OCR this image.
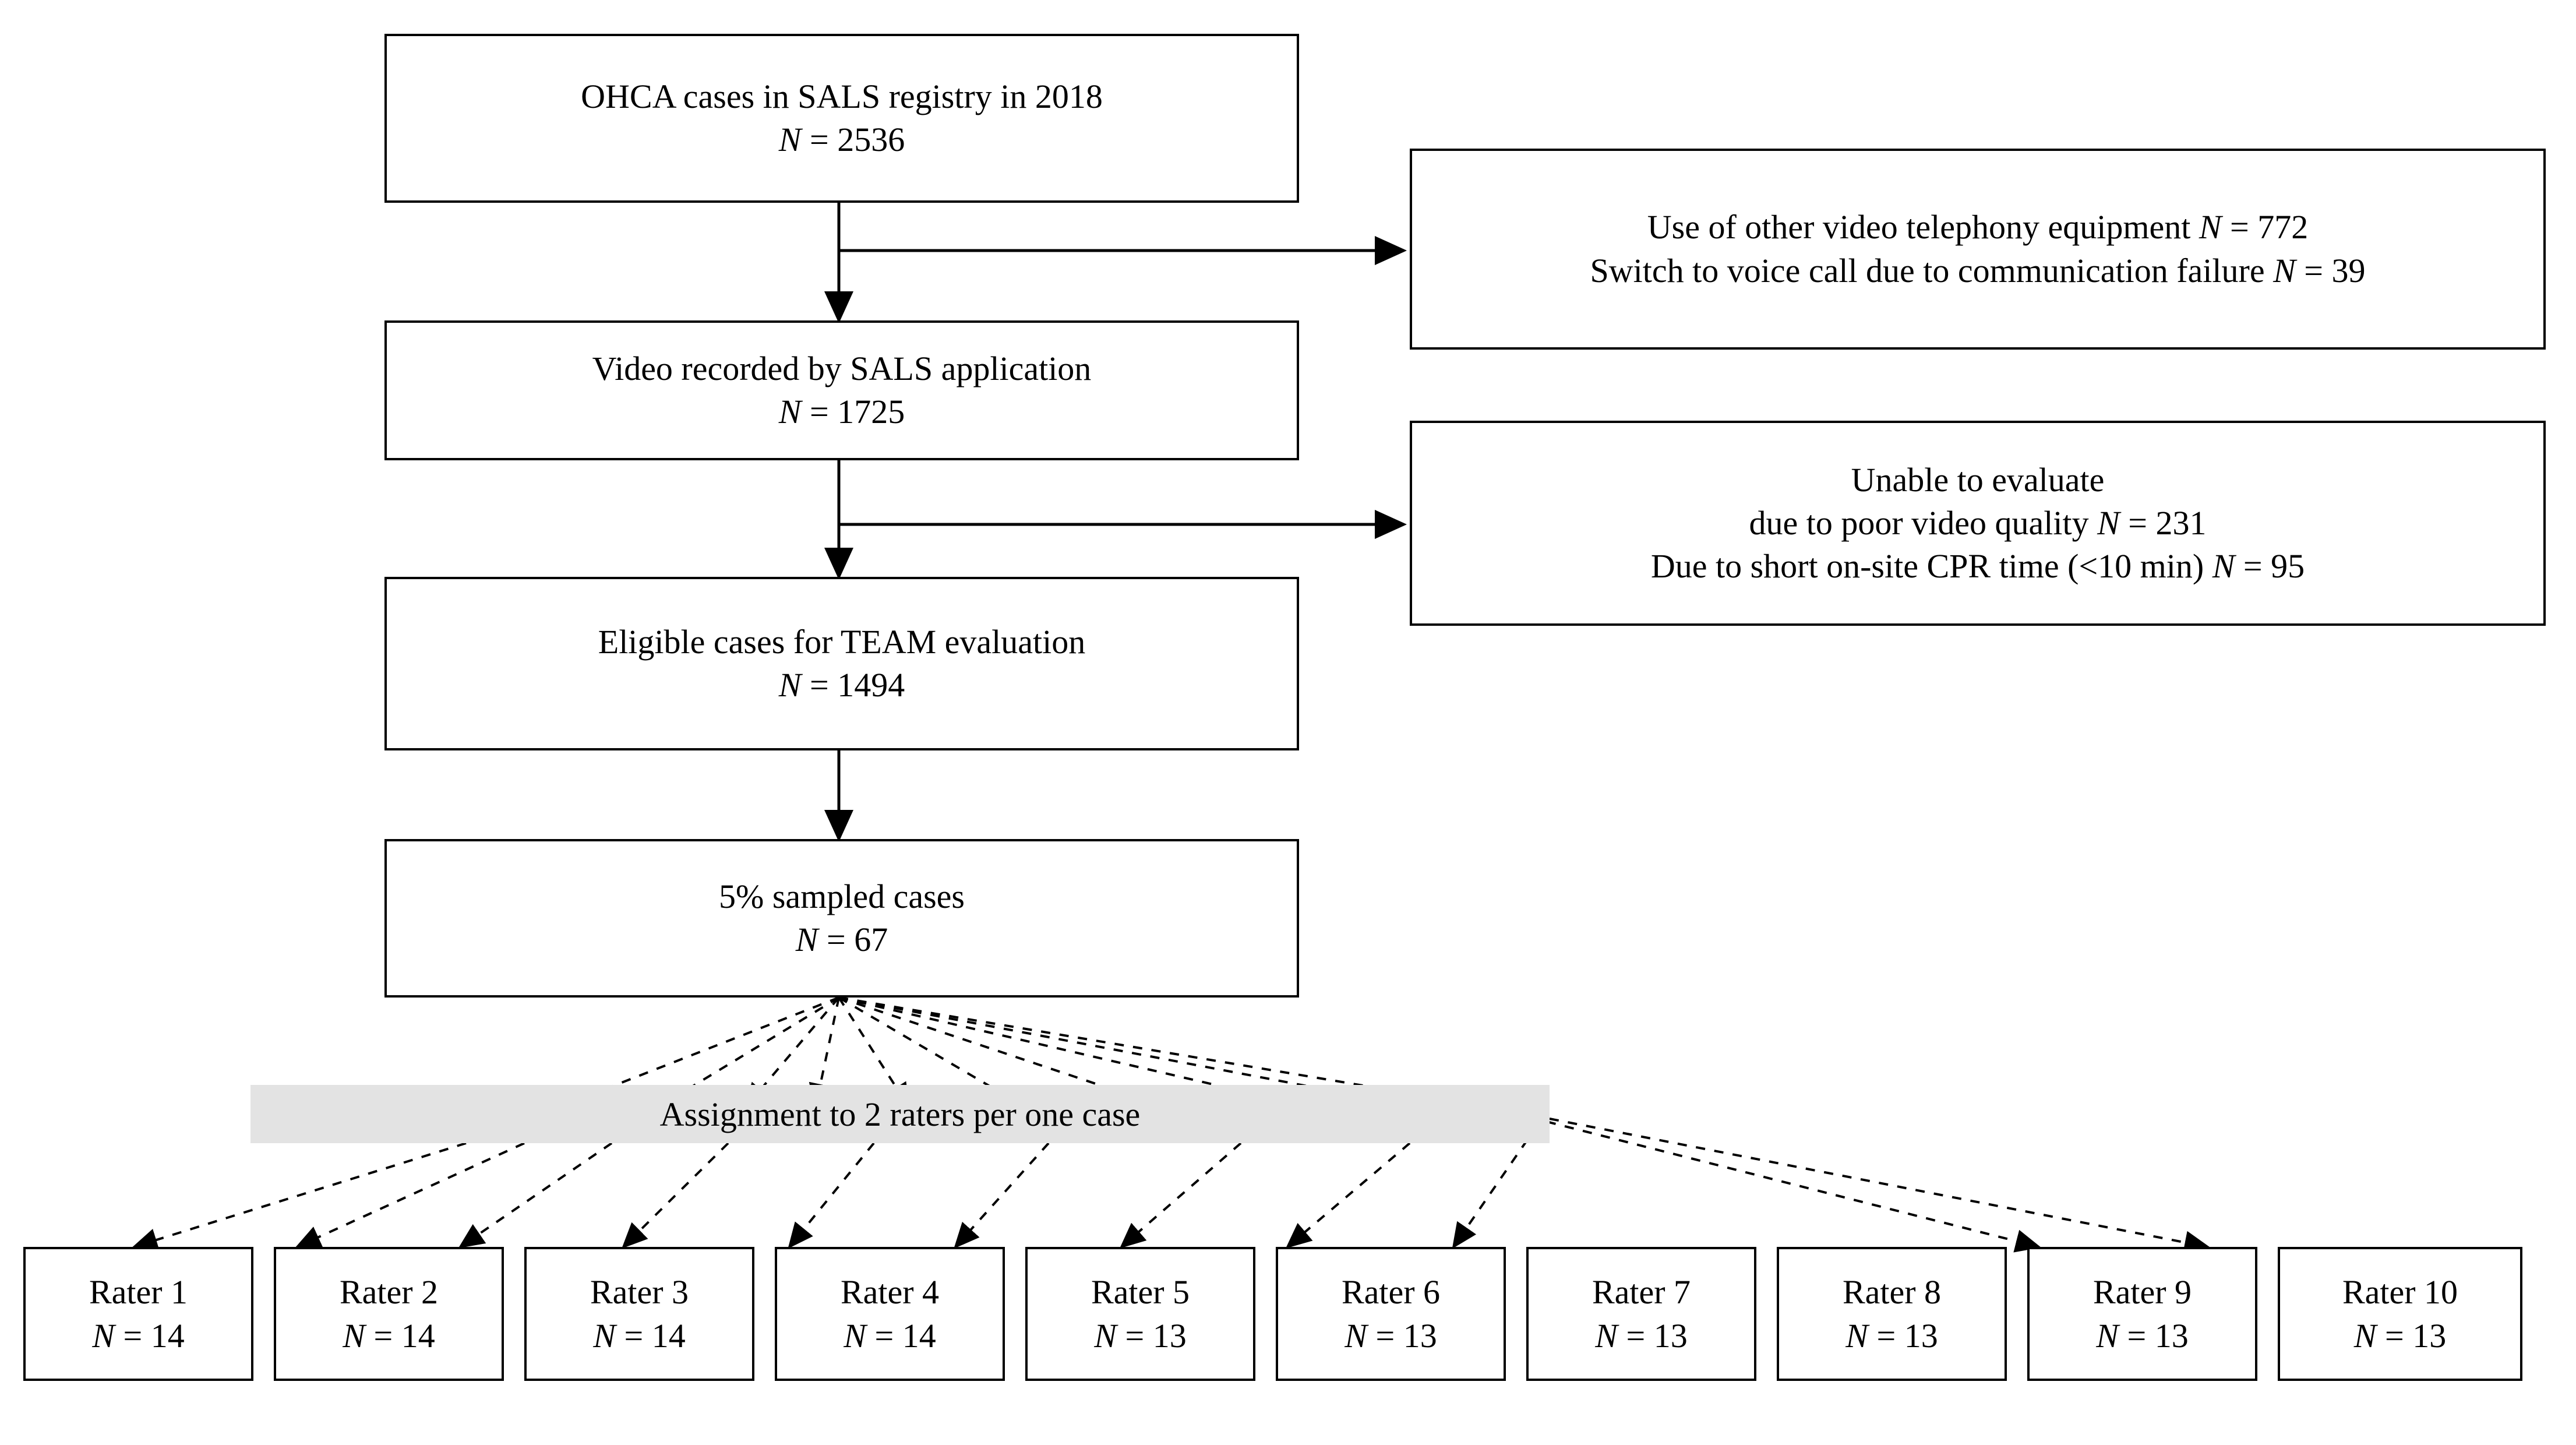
OHCA cases in SALS registry in 2018
N = 2536
Video recorded by SALS application
N = 1725
Eligible cases for TEAM evaluation
N = 1494
5% sampled cases
N = 67
Use of other video telephony equipment N = 772
Switch to voice call due to communication failure N = 39
Unable to evaluate
due to poor video quality N = 231
Due to short on-site CPR time (<10 min) N = 95
Assignment to 2 raters per one case
Rater 1
N = 14
Rater 2
N = 14
Rater 3
N = 14
Rater 4
N = 14
Rater 5
N = 13
Rater 6
N = 13
Rater 7
N = 13
Rater 8
N = 13
Rater 9
N = 13
Rater 10
N = 13
